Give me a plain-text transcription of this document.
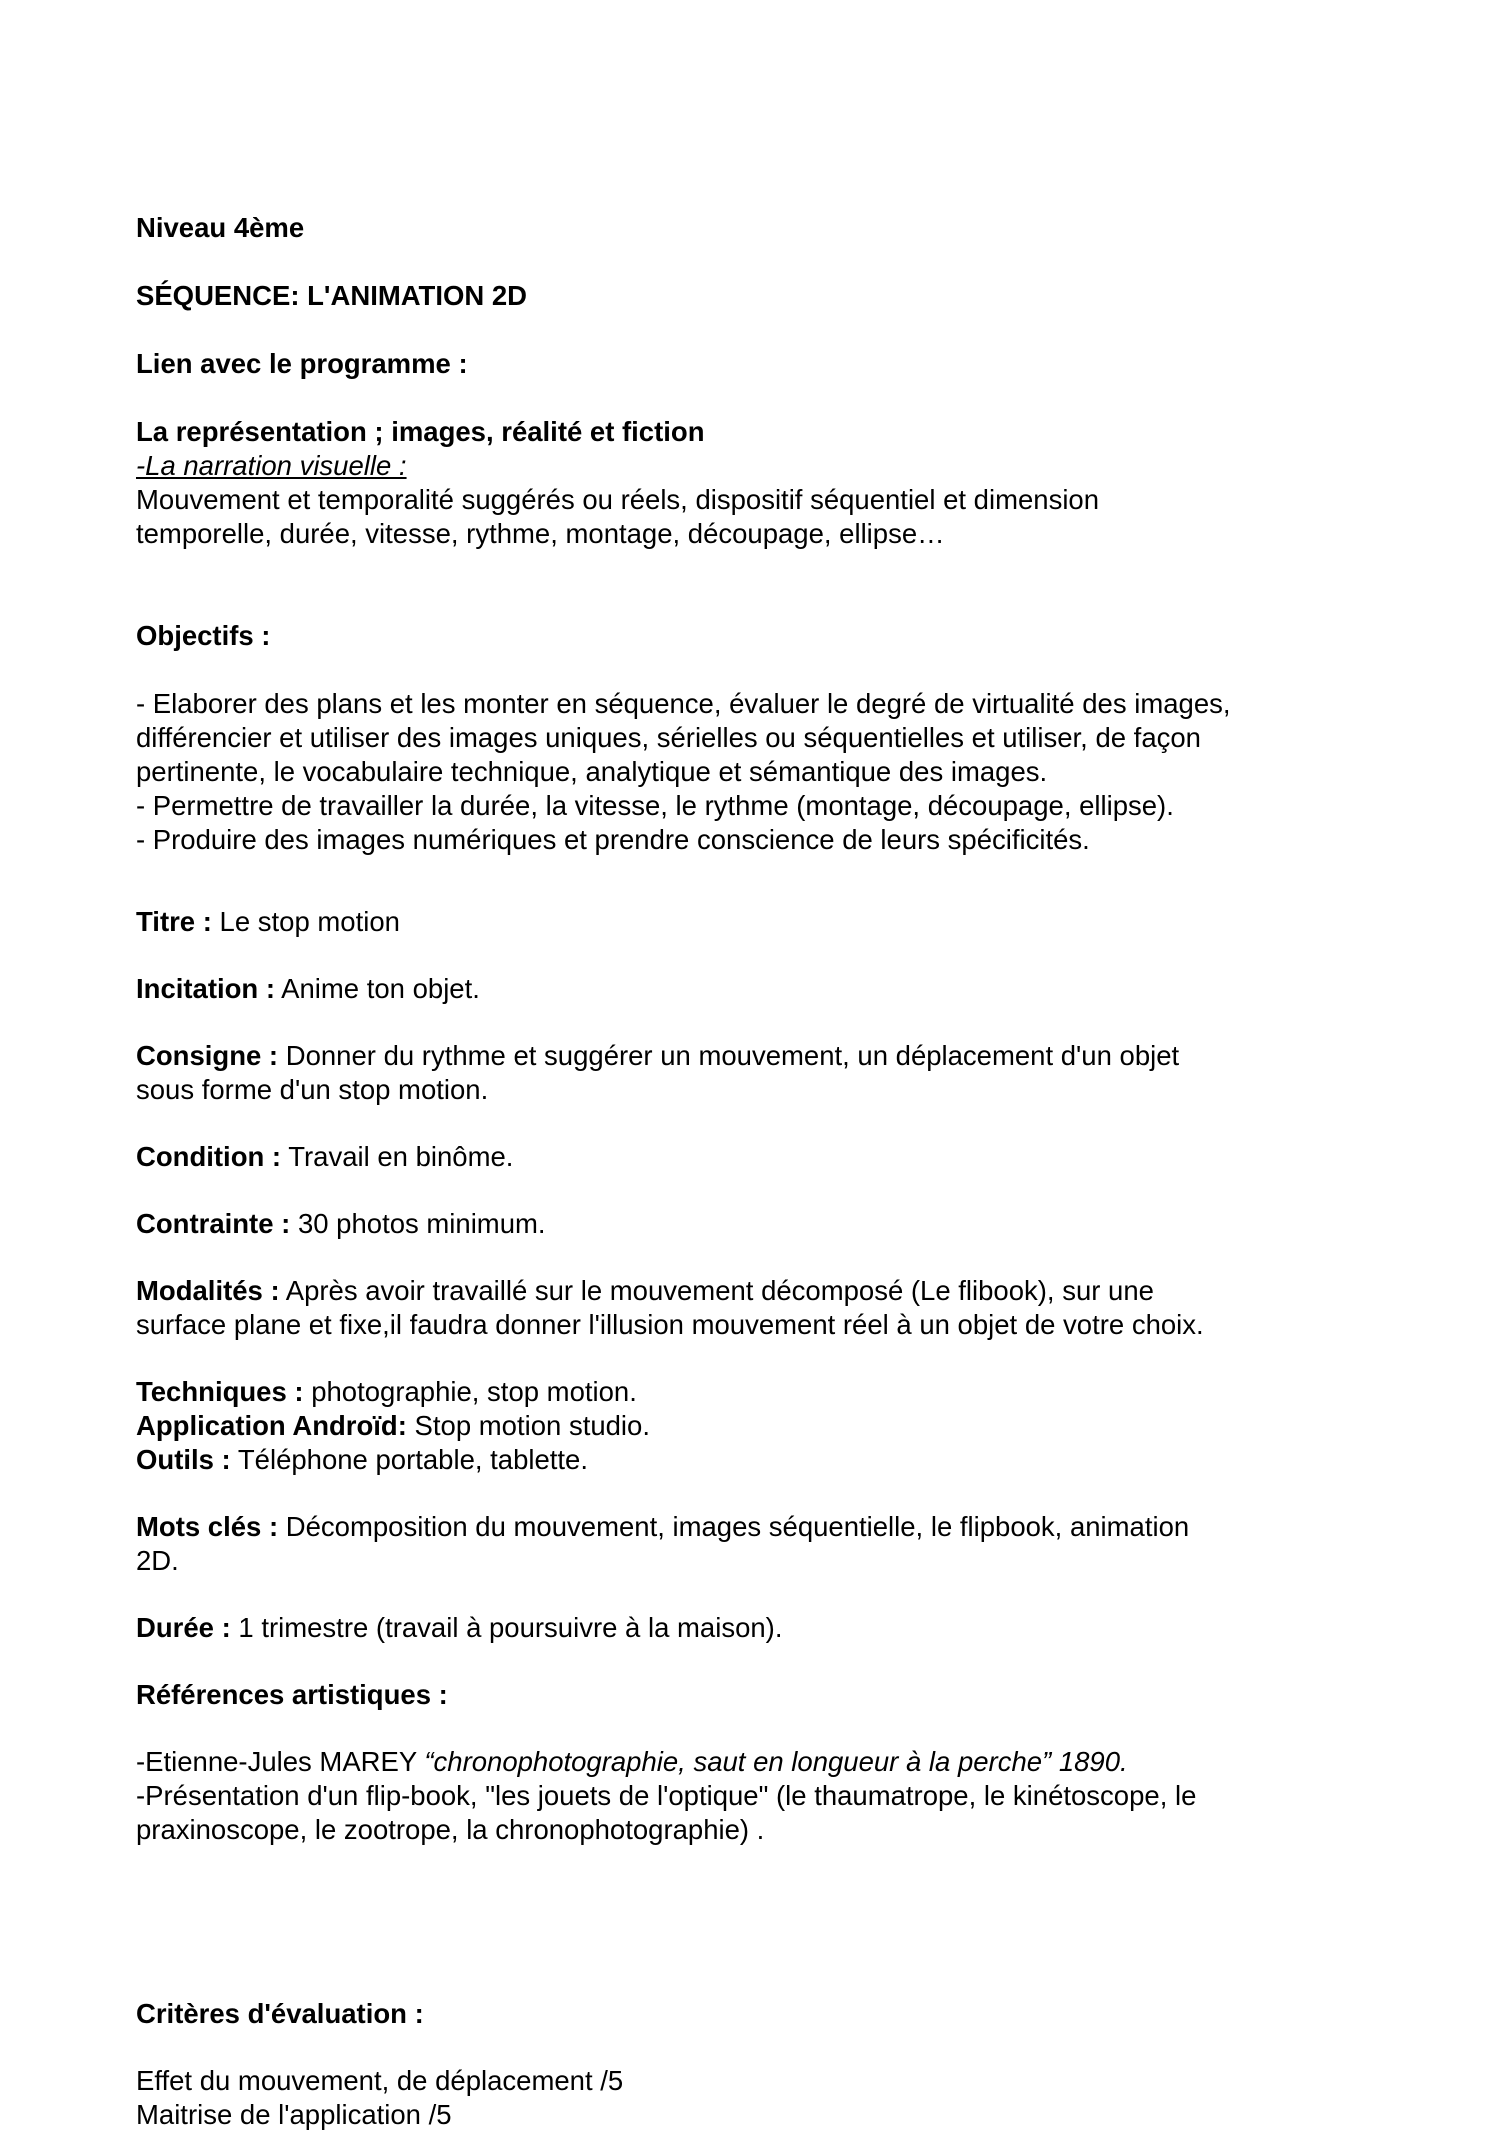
Niveau 4ème
SÉQUENCE: L'ANIMATION 2D
Lien avec le programme :
La représentation ; images, réalité et fiction
-La narration visuelle :
Mouvement et temporalité suggérés ou réels, dispositif séquentiel et dimension
temporelle, durée, vitesse, rythme, montage, découpage, ellipse…
Objectifs :
- Elaborer des plans et les monter en séquence, évaluer le degré de virtualité des images,
différencier et utiliser des images uniques, sérielles ou séquentielles et utiliser, de façon
pertinente, le vocabulaire technique, analytique et sémantique des images.
- Permettre de travailler la durée, la vitesse, le rythme (montage, découpage, ellipse).
- Produire des images numériques et prendre conscience de leurs spécificités.
Titre : Le stop motion
Incitation : Anime ton objet.
Consigne : Donner du rythme et suggérer un mouvement, un déplacement d'un objet
sous forme d'un stop motion.
Condition : Travail en binôme.
Contrainte : 30 photos minimum.
Modalités : Après avoir travaillé sur le mouvement décomposé (Le flibook), sur une
surface plane et fixe,il faudra donner l'illusion mouvement réel à un objet de votre choix.
Techniques : photographie, stop motion.
Application Androïd: Stop motion studio.
Outils : Téléphone portable, tablette.
Mots clés : Décomposition du mouvement, images séquentielle, le flipbook, animation
2D.
Durée : 1 trimestre (travail à poursuivre à la maison).
Références artistiques :
-Etienne-Jules MAREY “chronophotographie, saut en longueur à la perche” 1890.
-Présentation d'un flip-book, "les jouets de l'optique" (le thaumatrope, le kinétoscope, le
praxinoscope, le zootrope, la chronophotographie) .
Critères d'évaluation :
Effet du mouvement, de déplacement /5
Maitrise de l'application /5
